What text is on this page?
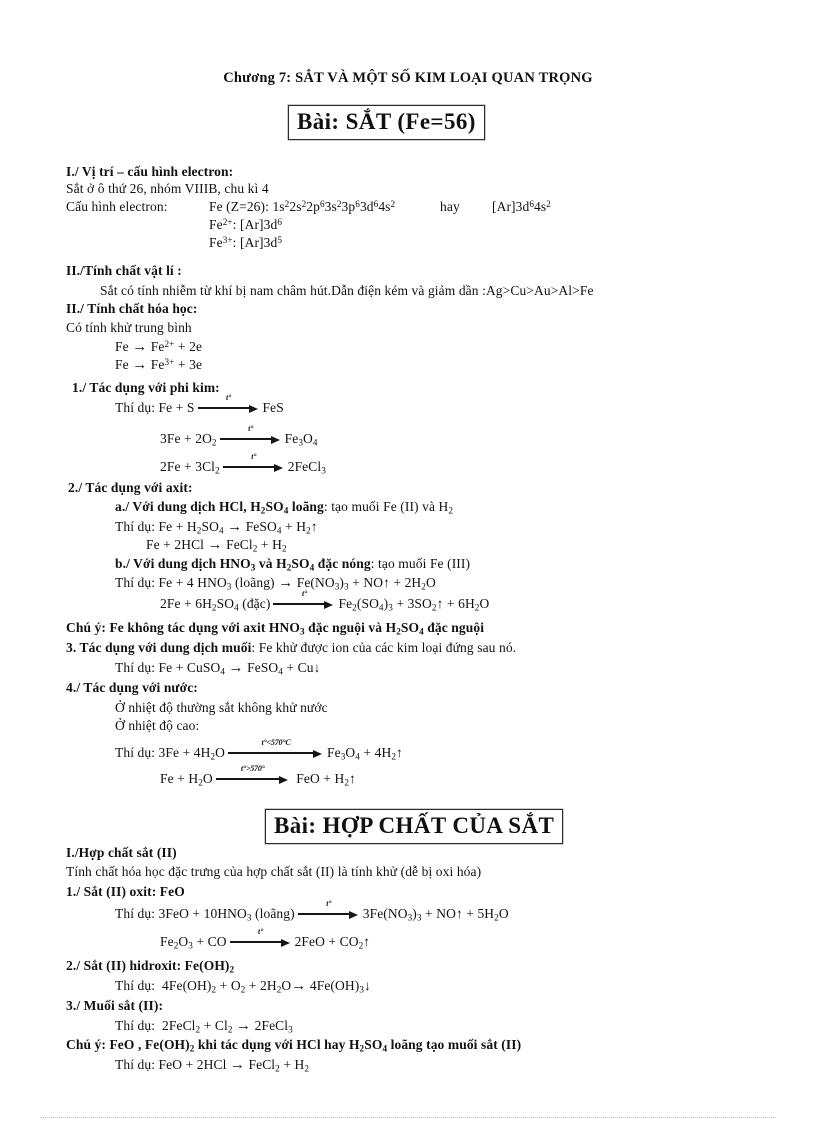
Chương 7: SẮT VÀ MỘT SỐ KIM LOẠI QUAN TRỌNG
Bài: SẮT (Fe=56)
I./ Vị trí – cấu hình electron:
Sắt ở ô thứ 26, nhóm VIIIB, chu kì 4
Cấu hình electron:	Fe (Z=26): $1s^22s^22p^63s^23p^63d^64s^2$	hay $[Ar]3d^64s^2$
$Fe^{2+}$: $[Ar]3d^6$
$Fe^{3+}$: $[Ar]3d^5$
II./Tính chất vật lí :
Sắt có tính nhiễm từ khí bị nam châm hút.Dẫn điện kém và giảm dần :Ag>Cu>Au>Al>Fe
II./ Tính chất hóa học:
Có tính khử trung bình
$Fe \to Fe^{2+} + 2e$
$Fe \to Fe^{3+} + 3e$
1./ Tác dụng với phi kim:
Thí dụ: Fe + S
t°
FeS
$3Fe + 2O_2$
t°
$Fe_3O_4$
$2Fe + 3Cl_2$
t°
2FeCl$_3$
2./ Tác dụng với axit:
a./ Với dung dịch HCl, $H_2SO_4$ loãng: tạo muối Fe (II) và $H_2$
Thí dụ: $Fe + H_2SO_4$ → FeSO$_4$ + $H_2↑$
Fe + 2HCl → FeCl$_2$ + $H_2$
b./ Với dung dịch $HNO_3$ và $H_2SO_4$ đặc nóng: tạo muối Fe (III)
Thí dụ: Fe + 4 $HNO_3$ (loãng) → $Fe(NO_3)_3$ + NO↑ + $2H_2O$
$2Fe + 6H_2SO_4$ (đặc)
t°
$Fe_2(SO_4)_3$ + $3SO_2↑ + 6H_2O$
Chú ý: Fe không tác dụng với axit $HNO_3$ đặc nguội và $H_2SO_4$ đặc nguội
3. Tác dụng với dung dịch muối: Fe khử được ion của các kim loại đứng sau nó.
Thí dụ: Fe + CuSO$_4$ → FeSO$_4$ + Cu↓
4./ Tác dụng với nước:
Ở nhiệt độ thường sắt không khử nước
Ở nhiệt độ cao:
Thí dụ: $3Fe + 4H_2O$
t°<570°C
$Fe_3O_4$ + $4H_2↑$
$Fe + H_2O$
t°>570°
FeO + $H_2↑$
Bài: HỢP CHẤT CỦA SẮT
I./Hợp chất sắt (II)
Tính chất hóa học đặc trưng của hợp chất sắt (II) là tính khử (dễ bị oxi hóa)
1./ Sắt (II) oxit: FeO
Thí dụ: $3FeO + 10HNO_3$ (loãng)
t°
$3Fe(NO_3)_3$ + NO↑ + $5H_2O$
$Fe_2O_3$ + CO
t°
$2FeO + CO_2↑$
2./ Sắt (II) hidroxit: $Fe(OH)_2$
Thí dụ:  $4Fe(OH)_2 + O_2 + 2H_2O\to$ $4Fe(OH)_3↓$
3./ Muối sắt (II):
Thí dụ:  2FeCl$_2$ + $Cl_2$ → 2FeCl$_3$
Chú ý: FeO , $Fe(OH)_2$ khi tác dụng với HCl hay $H_2SO_4$ loãng tạo muối sắt (II)
Thí dụ: FeO + 2HCl → FeCl$_2$ + $H_2$
